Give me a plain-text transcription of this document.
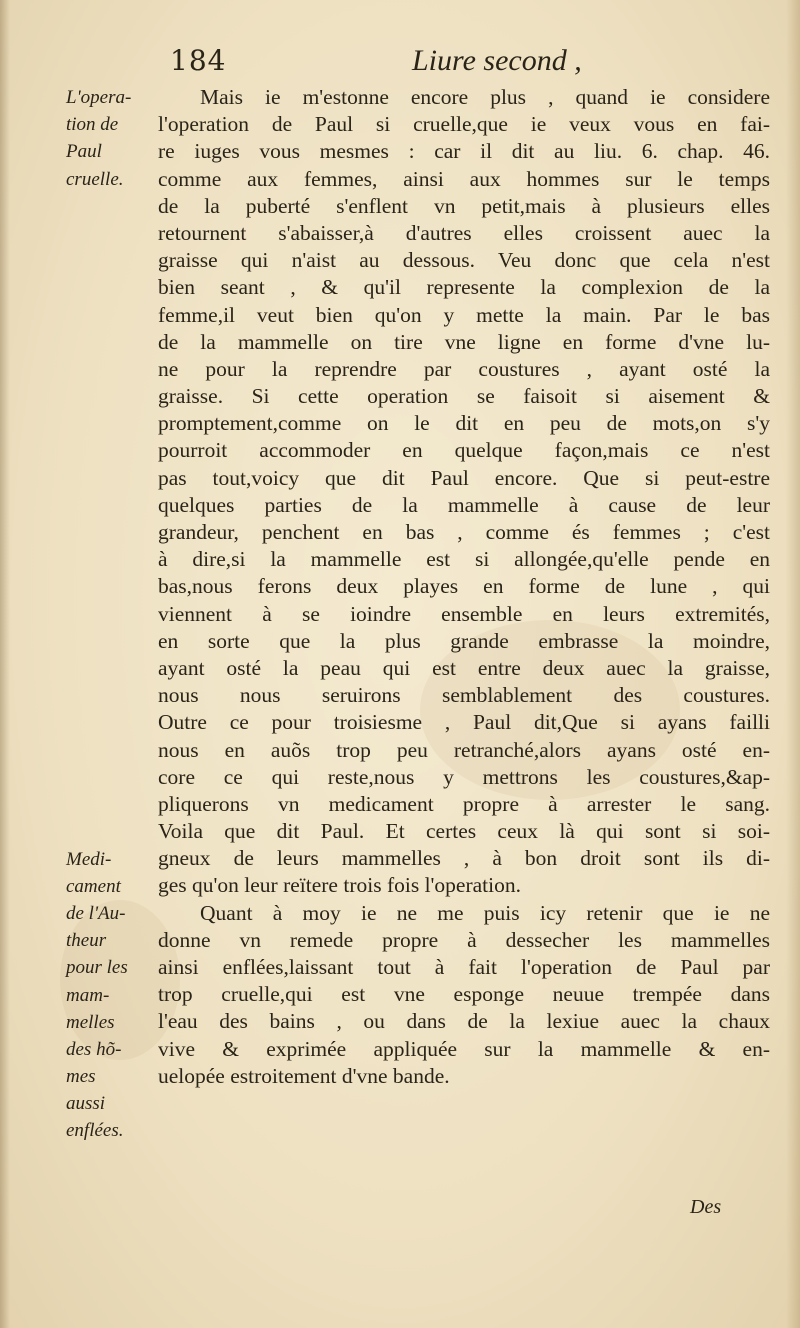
184	Liure second ,
L'opera-
tion de
Paul
cruelle.
Medi-
cament
de l'Au-
theur
pour les
mam-
melles
des hõ-
mes
aussi
enflées.
Mais ie m'estonne encore plus , quand ie considere
l'operation de Paul si cruelle,que ie veux vous en fai-
re iuges vous mesmes : car il dit au liu. 6. chap. 46.
comme aux femmes, ainsi aux hommes sur le temps
de la puberté s'enflent vn petit,mais à plusieurs elles
retournent s'abaisser,à d'autres elles croissent auec la
graisse qui n'aist au dessous. Veu donc que cela n'est
bien seant , & qu'il represente la complexion de la
femme,il veut bien qu'on y mette la main. Par le bas
de la mammelle on tire vne ligne en forme d'vne lu-
ne pour la reprendre par coustures , ayant osté la
graisse. Si cette operation se faisoit si aisement &
promptement,comme on le dit en peu de mots,on s'y
pourroit accommoder en quelque façon,mais ce n'est
pas tout,voicy que dit Paul encore. Que si peut-estre
quelques parties de la mammelle à cause de leur
grandeur, penchent en bas , comme és femmes ; c'est
à dire,si la mammelle est si allongée,qu'elle pende en
bas,nous ferons deux playes en forme de lune , qui
viennent à se ioindre ensemble en leurs extremités,
en sorte que la plus grande embrasse la moindre,
ayant osté la peau qui est entre deux auec la graisse,
nous nous seruirons semblablement des coustures.
Outre ce pour troisiesme , Paul dit,Que si ayans failli
nous en auõs trop peu retranché,alors ayans osté en-
core ce qui reste,nous y mettrons les coustures,&ap-
pliquerons vn medicament propre à arrester le sang.
Voila que dit Paul. Et certes ceux là qui sont si soi-
gneux de leurs mammelles , à bon droit sont ils di-
ges qu'on leur reïtere trois fois l'operation.
Quant à moy ie ne me puis icy retenir que ie ne
donne vn remede propre à dessecher les mammelles
ainsi enflées,laissant tout à fait l'operation de Paul par
trop cruelle,qui est vne esponge neuue trempée dans
l'eau des bains , ou dans de la lexiue auec la chaux
vive & exprimée appliquée sur la mammelle & en-
uelopée estroitement d'vne bande.
Des
